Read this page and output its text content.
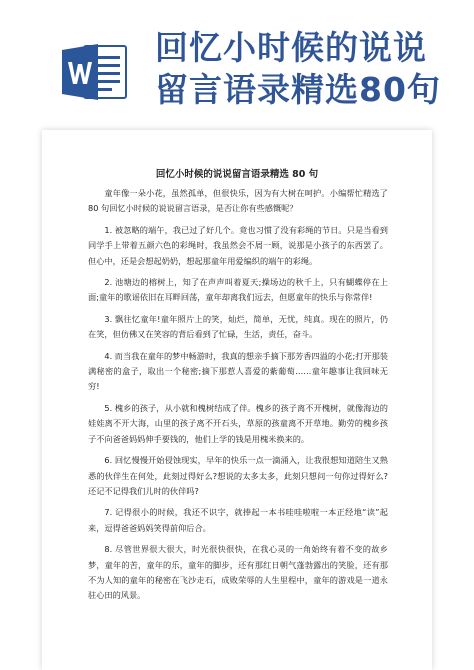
回忆小时候的说说
留言语录精选80句
回忆小时候的说说留言语录精选 80 句

童年像一朵小花，虽然孤单，但很快乐，因为有大树在呵护。小编帮忙精选了 80 句回忆小时候的说说留言语录，是否让你有些感慨呢？

1. 被忽略的端午，我已过了好几个。竟也习惯了没有彩绳的节日。只是当看到同学手上带着五颜六色的彩绳时，我虽然会不屑一顾，说那是小孩子的东西罢了。但心中，还是会想起奶奶，想起那童年用爱编织的端午的彩绳。

2. 池塘边的榕树上，知了在声声叫着夏天;操场边的秋千上，只有蝴蝶停在上面;童年的歌谣依旧在耳畔回荡，童年却离我们远去，但愿童年的快乐与你常伴!

3. 飘往忆童年!童年照片上的笑，灿烂，简单，无忧，纯真。现在的照片，仍在笑，但仿佛又在笑容的背后看到了忙碌，生活，责任，奋斗。

4. 而当我在童年的梦中畅游时，我真的想亲手摘下那芳香四溢的小花;打开那装满秘密的盒子，取出一个秘密;摘下那惹人喜爱的紫葡萄……童年趣事让我回味无穷!

5. 槐乡的孩子，从小就和槐树结成了伴。槐乡的孩子离不开槐树，就像海边的娃娃离不开大海，山里的孩子离不开石头，草原的孩童离不开草地。勤劳的槐乡孩子不向爸爸妈妈伸手要钱的，他们上学的钱是用槐米换来的。

6. 回忆慢慢开始侵蚀现实，早年的快乐一点一滴涌入，让我很想知道陪生又熟悉的伙伴生在何处，此刻过得好么?想说的太多太多，此刻只想问一句你过得好么?还记不记得我们儿时的伙伴吗?

7. 记得很小的时候，我还不识字，就捧起一本书哇哇啦啦一本正经地“读”起来，逗得爸爸妈妈笑得前仰后合。

8. 尽管世界很大很大，时光很快很快，在我心灵的一角始终有着不变的故乡梦，童年的苦，童年的乐，童年的脚步，还有那红日朝气蓬勃露出的笑脸，还有那不为人知的童年的秘密在飞沙走石，成败荣辱的人生里程中，童年的游戏是一道永驻心田的风景。
